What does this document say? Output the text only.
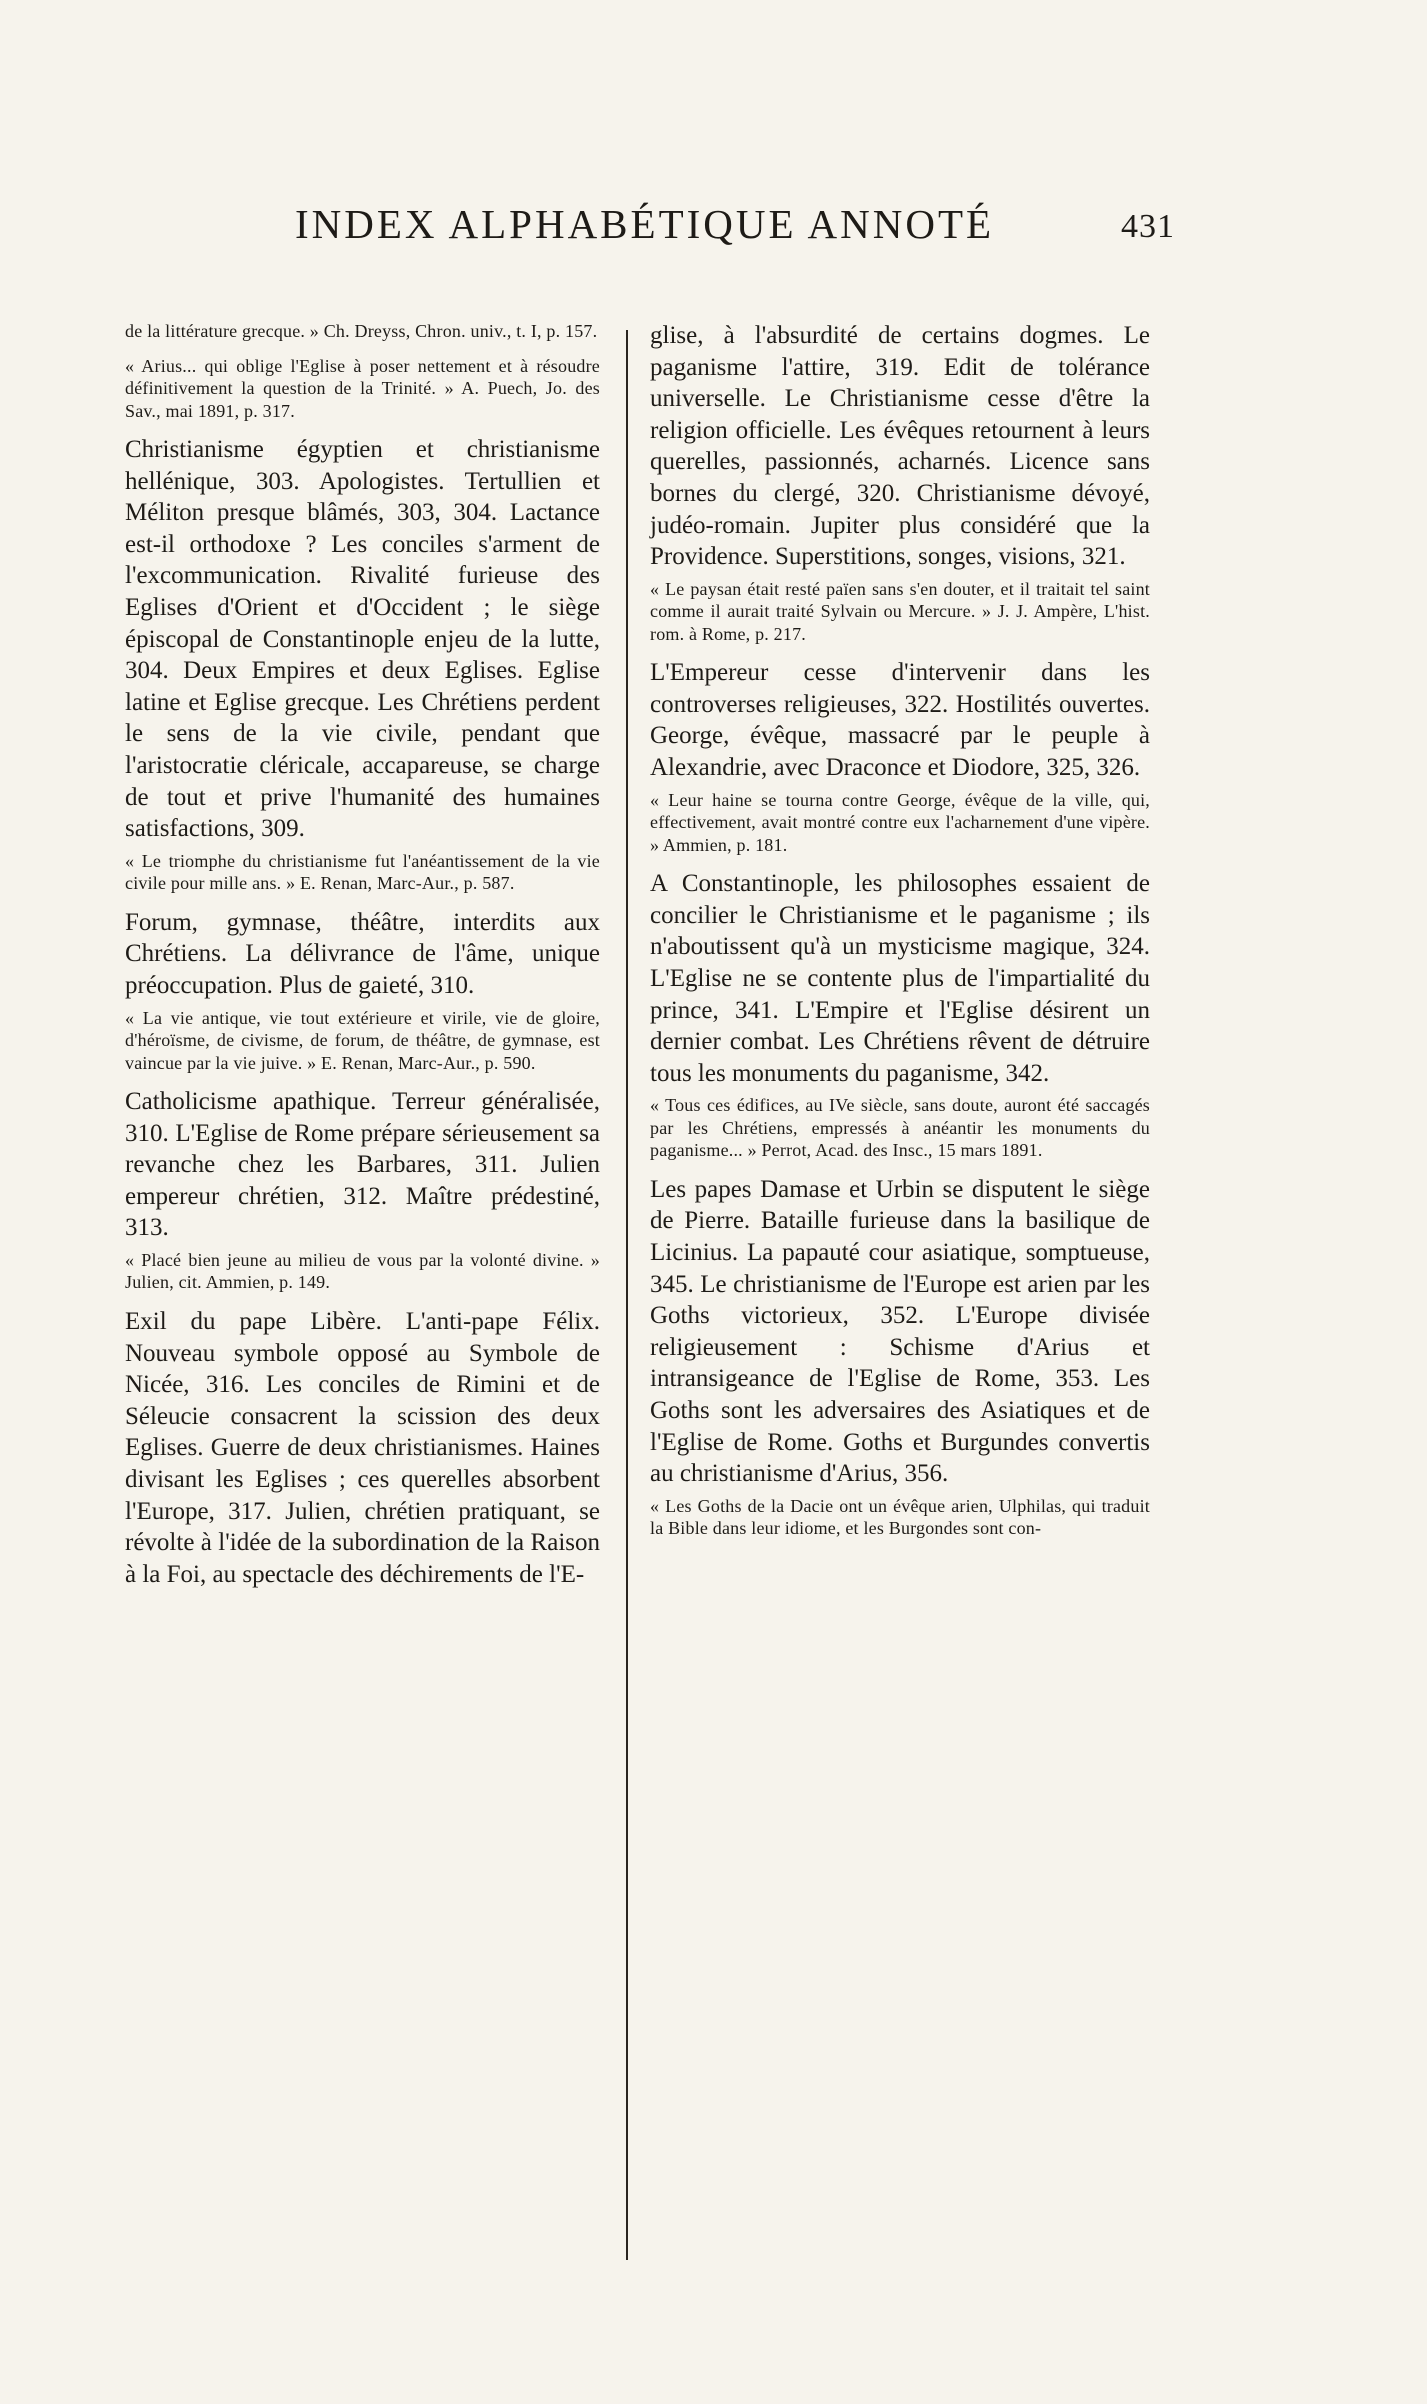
INDEX ALPHABÉTIQUE ANNOTÉ	431

de la littérature grecque. » Ch. Dreyss, Chron. univ., t. I, p. 157.

« Arius... qui oblige l'Eglise à poser nettement et à résoudre définitivement la question de la Trinité. » A. Puech, Jo. des Sav., mai 1891, p. 317.

Christianisme égyptien et christianisme hellénique, 303. Apologistes. Tertullien et Méliton presque blâmés, 303, 304. Lactance est-il orthodoxe ? Les conciles s'arment de l'excommunication. Rivalité furieuse des Eglises d'Orient et d'Occident ; le siège épiscopal de Constantinople enjeu de la lutte, 304. Deux Empires et deux Eglises. Eglise latine et Eglise grecque. Les Chrétiens perdent le sens de la vie civile, pendant que l'aristocratie cléricale, accapareuse, se charge de tout et prive l'humanité des humaines satisfactions, 309.

« Le triomphe du christianisme fut l'anéantissement de la vie civile pour mille ans. » E. Renan, Marc-Aur., p. 587.

Forum, gymnase, théâtre, interdits aux Chrétiens. La délivrance de l'âme, unique préoccupation. Plus de gaieté, 310.

« La vie antique, vie tout extérieure et virile, vie de gloire, d'héroïsme, de civisme, de forum, de théâtre, de gymnase, est vaincue par la vie juive. » E. Renan, Marc-Aur., p. 590.

Catholicisme apathique. Terreur généralisée, 310. L'Eglise de Rome prépare sérieusement sa revanche chez les Barbares, 311. Julien empereur chrétien, 312. Maître prédestiné, 313.

« Placé bien jeune au milieu de vous par la volonté divine. » Julien, cit. Ammien, p. 149.

Exil du pape Libère. L'anti-pape Félix. Nouveau symbole opposé au Symbole de Nicée, 316. Les conciles de Rimini et de Séleucie consacrent la scission des deux Eglises. Guerre de deux christianismes. Haines divisant les Eglises ; ces querelles absorbent l'Europe, 317. Julien, chrétien pratiquant, se révolte à l'idée de la subordination de la Raison à la Foi, au spectacle des déchirements de l'E-

glise, à l'absurdité de certains dogmes. Le paganisme l'attire, 319. Edit de tolérance universelle. Le Christianisme cesse d'être la religion officielle. Les évêques retournent à leurs querelles, passionnés, acharnés. Licence sans bornes du clergé, 320. Christianisme dévoyé, judéo-romain. Jupiter plus considéré que la Providence. Superstitions, songes, visions, 321.

« Le paysan était resté païen sans s'en douter, et il traitait tel saint comme il aurait traité Sylvain ou Mercure. » J. J. Ampère, L'hist. rom. à Rome, p. 217.

L'Empereur cesse d'intervenir dans les controverses religieuses, 322. Hostilités ouvertes. George, évêque, massacré par le peuple à Alexandrie, avec Draconce et Diodore, 325, 326.

« Leur haine se tourna contre George, évêque de la ville, qui, effectivement, avait montré contre eux l'acharnement d'une vipère. » Ammien, p. 181.

A Constantinople, les philosophes essaient de concilier le Christianisme et le paganisme ; ils n'aboutissent qu'à un mysticisme magique, 324. L'Eglise ne se contente plus de l'impartialité du prince, 341. L'Empire et l'Eglise désirent un dernier combat. Les Chrétiens rêvent de détruire tous les monuments du paganisme, 342.

« Tous ces édifices, au IVe siècle, sans doute, auront été saccagés par les Chrétiens, empressés à anéantir les monuments du paganisme... » Perrot, Acad. des Insc., 15 mars 1891.

Les papes Damase et Urbin se disputent le siège de Pierre. Bataille furieuse dans la basilique de Licinius. La papauté cour asiatique, somptueuse, 345. Le christianisme de l'Europe est arien par les Goths victorieux, 352. L'Europe divisée religieusement : Schisme d'Arius et intransigeance de l'Eglise de Rome, 353. Les Goths sont les adversaires des Asiatiques et de l'Eglise de Rome. Goths et Burgundes convertis au christianisme d'Arius, 356.

« Les Goths de la Dacie ont un évêque arien, Ulphilas, qui traduit la Bible dans leur idiome, et les Burgondes sont con-
